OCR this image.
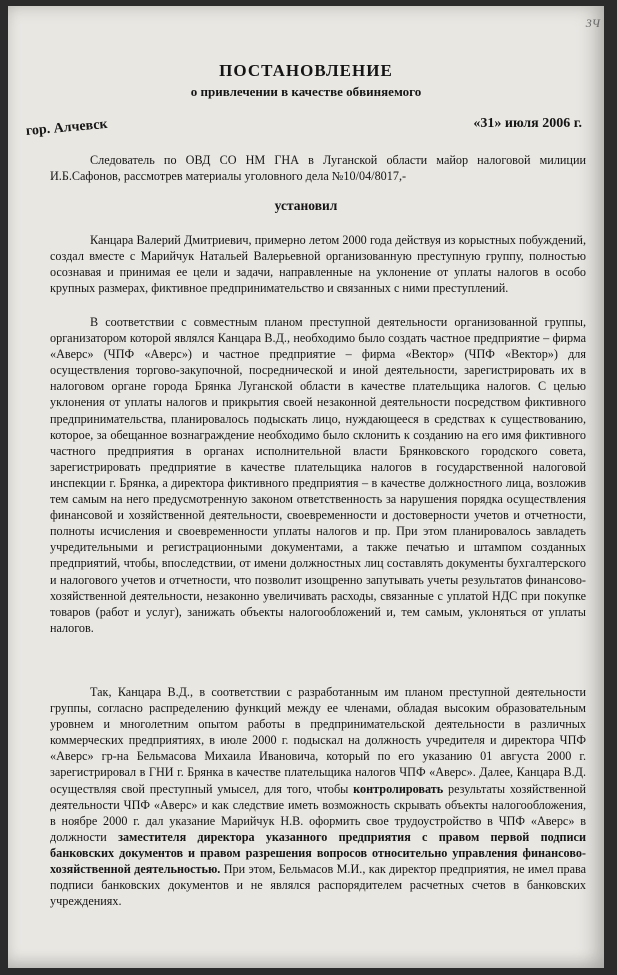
3Ч
ПОСТАНОВЛЕНИЕ
о привлечении в качестве обвиняемого
гор. Алчевск	«31» июля 2006 г.

Следователь по ОВД СО НМ ГНА в Луганской области майор налоговой милиции И.Б.Сафонов, рассмотрев материалы уголовного дела №10/04/8017,-

установил

Канцара Валерий Дмитриевич, примерно летом 2000 года действуя из корыстных побуждений, создал вместе с Марийчук Натальей Валерьевной организованную преступную группу, полностью осознавая и принимая ее цели и задачи, направленные на уклонение от уплаты налогов в особо крупных размерах, фиктивное предпринимательство и связанных с ними преступлений.

В соответствии с совместным планом преступной деятельности организованной группы, организатором которой являлся Канцара В.Д., необходимо было создать частное предприятие – фирма «Аверс» (ЧПФ «Аверс») и частное предприятие – фирма «Вектор» (ЧПФ «Вектор») для осуществления торгово-закупочной, посреднической и иной деятельности, зарегистрировать их в налоговом органе города Брянка Луганской области в качестве плательщика налогов. С целью уклонения от уплаты налогов и прикрытия своей незаконной деятельности посредством фиктивного предпринимательства, планировалось подыскать лицо, нуждающееся в средствах к существованию, которое, за обещанное вознаграждение необходимо было склонить к созданию на его имя фиктивного частного предприятия в органах исполнительной власти Брянковского городского совета, зарегистрировать предприятие в качестве плательщика налогов в государственной налоговой инспекции г. Брянка, а директора фиктивного предприятия – в качестве должностного лица, возложив тем самым на него предусмотренную законом ответственность за нарушения порядка осуществления финансовой и хозяйственной деятельности, своевременности и достоверности учетов и отчетности, полноты исчисления и своевременности уплаты налогов и пр. При этом планировалось завладеть учредительными и регистрационными документами, а также печатью и штампом созданных предприятий, чтобы, впоследствии, от имени должностных лиц составлять документы бухгалтерского и налогового учетов и отчетности, что позволит изощренно запутывать учеты результатов финансово-хозяйственной деятельности, незаконно увеличивать расходы, связанные с уплатой НДС при покупке товаров (работ и услуг), занижать объекты налогообложений и, тем самым, уклоняться от уплаты налогов.

Так, Канцара В.Д., в соответствии с разработанным им планом преступной деятельности группы, согласно распределению функций между ее членами, обладая высоким образовательным уровнем и многолетним опытом работы в предпринимательской деятельности в различных коммерческих предприятиях, в июле 2000 г. подыскал на должность учредителя и директора ЧПФ «Аверс» гр-на Бельмасова Михаила Ивановича, который по его указанию 01 августа 2000 г. зарегистрировал в ГНИ г. Брянка в качестве плательщика налогов ЧПФ «Аверс». Далее, Канцара В.Д. осуществляя свой преступный умысел, для того, чтобы контролировать результаты хозяйственной деятельности ЧПФ «Аверс» и как следствие иметь возможность скрывать объекты налогообложения, в ноябре 2000 г. дал указание Марийчук Н.В. оформить свое трудоустройство в ЧПФ «Аверс» в должности заместителя директора указанного предприятия с правом первой подписи банковских документов и правом разрешения вопросов относительно управления финансово-хозяйственной деятельностью. При этом, Бельмасов М.И., как директор предприятия, не имел права подписи банковских документов и не являлся распорядителем расчетных счетов в банковских учреждениях.
